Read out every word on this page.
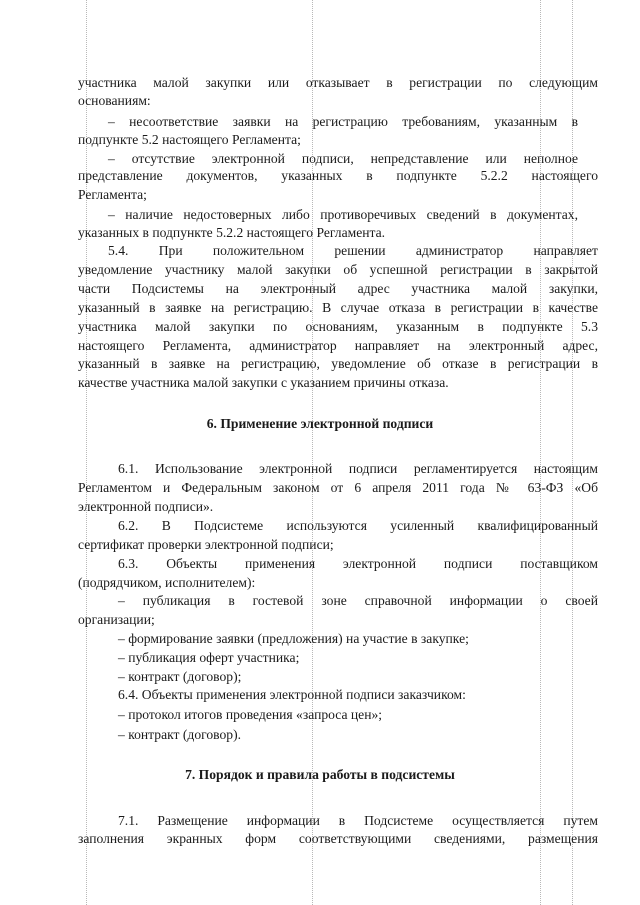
участника малой закупки или отказывает в регистрации по следующим
основаниям:
– несоответствие заявки на регистрацию требованиям, указанным в
подпункте 5.2 настоящего Регламента;
– отсутствие электронной подписи, непредставление или неполное
представление документов, указанных в подпункте 5.2.2 настоящего
Регламента;
– наличие недостоверных либо противоречивых сведений в документах,
указанных в подпункте 5.2.2 настоящего Регламента.
5.4. При положительном решении администратор направляет
уведомление участнику малой закупки об успешной регистрации в закрытой
части Подсистемы на электронный адрес участника малой закупки,
указанный в заявке на регистрацию. В случае отказа в регистрации в качестве
участника малой закупки по основаниям, указанным в подпункте 5.3
настоящего Регламента, администратор направляет на электронный адрес,
указанный в заявке на регистрацию, уведомление об отказе в регистрации в
качестве участника малой закупки с указанием причины отказа.
6. Применение электронной подписи
6.1. Использование электронной подписи регламентируется настоящим
Регламентом и Федеральным законом от 6 апреля 2011 года № 63-ФЗ «Об
электронной подписи».
6.2. В Подсистеме используются усиленный квалифицированный
сертификат проверки электронной подписи;
6.3. Объекты применения электронной подписи поставщиком
(подрядчиком, исполнителем):
– публикация в гостевой зоне справочной информации о своей
организации;
– формирование заявки (предложения) на участие в закупке;
– публикация оферт участника;
– контракт (договор);
6.4. Объекты применения электронной подписи заказчиком:
– протокол итогов проведения «запроса цен»;
– контракт (договор).
7. Порядок и правила работы в подсистемы
7.1. Размещение информации в Подсистеме осуществляется путем
заполнения экранных форм соответствующими сведениями, размещения
